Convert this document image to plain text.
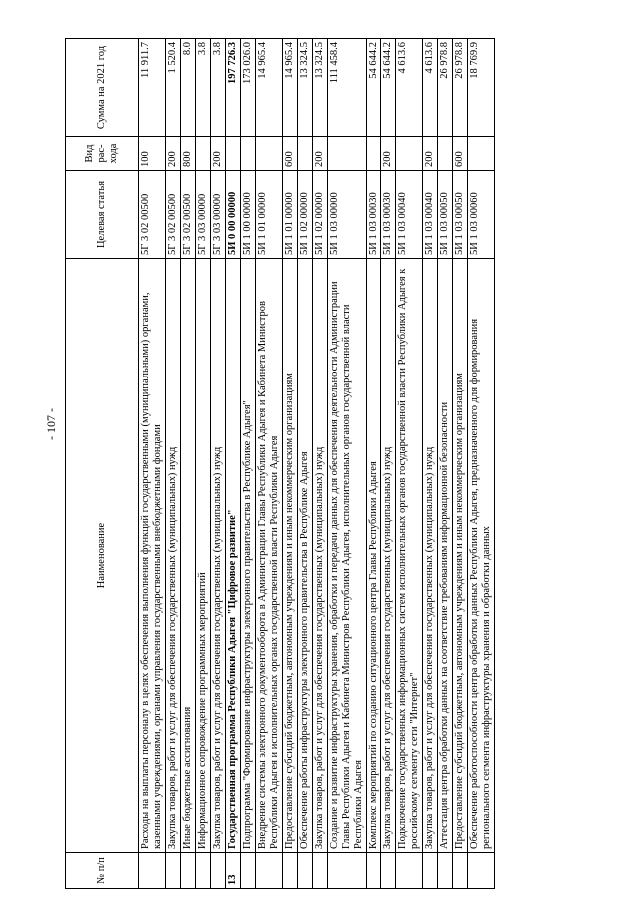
- 107 -
№ п/п	Наименование	Целевая статья	Вид рас-хода	Сумма на 2021 год
	Расходы на выплаты персоналу в целях обеспечения выполнения функций государственными (муниципальными) органами, казенными учреждениями, органами управления государственными внебюджетными фондами	5Г 3 02 00500	100	11 911.7
	Закупка товаров, работ и услуг для обеспечения государственных (муниципальных) нужд	5Г 3 02 00500	200	1 520.4
	Иные бюджетные ассигнования	5Г 3 02 00500	800	8.0
	Информационное сопровождение программных мероприятий	5Г 3 03 00000		3.8
	Закупка товаров, работ и услуг для обеспечения государственных (муниципальных) нужд	5Г 3 03 00000	200	3.8
13	Государственная программа Республики Адыгея "Цифровое развитие"	5И 0 00 00000		197 726.3
	Подпрограмма "Формирование инфраструктуры электронного правительства в Республике Адыгея"	5И 1 00 00000		173 026.0
	Внедрение системы электронного документооборота в Администрации Главы Республики Адыгея и Кабинета Министров Республики Адыгея и исполнительных органах государственной власти Республики Адыгея	5И 1 01 00000		14 965.4
	Предоставление субсидий бюджетным, автономным учреждениям и иным некоммерческим организациям	5И 1 01 00000	600	14 965.4
	Обеспечение работы инфраструктуры электронного правительства в Республике Адыгея	5И 1 02 00000		13 324.5
	Закупка товаров, работ и услуг для обеспечения государственных (муниципальных) нужд	5И 1 02 00000	200	13 324.5
	Создание и развитие инфраструктуры хранения, обработки и передачи данных для обеспечения деятельности Администрации Главы Республики Адыгея и Кабинета Министров Республики Адыгея, исполнительных органов государственной власти Республики Адыгея	5И 1 03 00000		111 458.4
	Комплекс мероприятий по созданию ситуационного центра Главы Республики Адыгея	5И 1 03 00030		54 644.2
	Закупка товаров, работ и услуг для обеспечения государственных (муниципальных) нужд	5И 1 03 00030	200	54 644.2
	Подключение государственных информационных систем исполнительных органов государственной власти Республики Адыгея к российскому сегменту сети "Интернет"	5И 1 03 00040		4 613.6
	Закупка товаров, работ и услуг для обеспечения государственных (муниципальных) нужд	5И 1 03 00040	200	4 613.6
	Аттестация центра обработки данных на соответствие требованиям информационной безопасности	5И 1 03 00050		26 978.8
	Предоставление субсидий бюджетным, автономным учреждениям и иным некоммерческим организациям	5И 1 03 00050	600	26 978.8
	Обеспечение работоспособности центра обработки данных Республики Адыгея, предназначенного для формирования регионального сегмента инфраструктуры хранения и обработки данных	5И 1 03 00060		18 769.9
